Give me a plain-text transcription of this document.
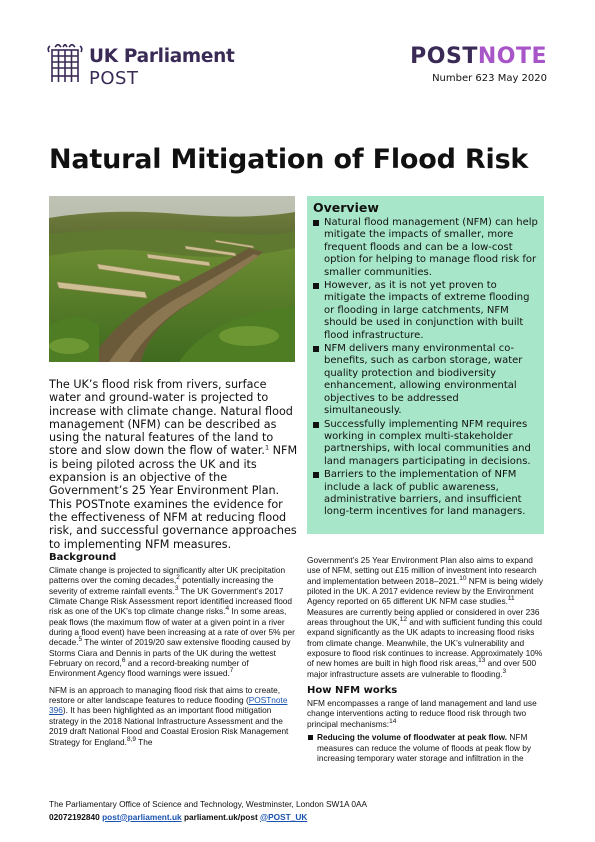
UK Parliament
POST
POSTNOTE
Number 623 May 2020
Natural Mitigation of Flood Risk
Overview
Natural flood management (NFM) can help mitigate the impacts of smaller, more frequent floods and can be a low-cost option for helping to manage flood risk for smaller communities.
However, as it is not yet proven to mitigate the impacts of extreme flooding or flooding in large catchments, NFM should be used in conjunction with built flood infrastructure.
NFM delivers many environmental co-benefits, such as carbon storage, water quality protection and biodiversity enhancement, allowing environmental objectives to be addressed simultaneously.
Successfully implementing NFM requires working in complex multi-stakeholder partnerships, with local communities and land managers participating in decisions.
Barriers to the implementation of NFM include a lack of public awareness, administrative barriers, and insufficient long-term incentives for land managers.
The UK’s flood risk from rivers, surface water and ground-water is projected to increase with climate change. Natural flood management (NFM) can be described as using the natural features of the land to store and slow down the flow of water.$^1$ NFM is being piloted across the UK and its expansion is an objective of the Government’s 25 Year Environment Plan. This POSTnote examines the evidence for the effectiveness of NFM at reducing flood risk, and successful governance approaches to implementing NFM measures.
Background

Climate change is projected to significantly alter UK precipitation patterns over the coming decades,$^2$ potentially increasing the severity of extreme rainfall events.$^3$ The UK Government’s 2017 Climate Change Risk Assessment report identified increased flood risk as one of the UK’s top climate change risks.$^4$ In some areas, peak flows (the maximum flow of water at a given point in a river during a flood event) have been increasing at a rate of over 5% per decade.$^5$ The winter of 2019/20 saw extensive flooding caused by Storms Ciara and Dennis in parts of the UK during the wettest February on record,$^6$ and a record-breaking number of Environment Agency flood warnings were issued.$^7$

NFM is an approach to managing flood risk that aims to create, restore or alter landscape features to reduce flooding (POSTnote 396). It has been highlighted as an important flood mitigation strategy in the 2018 National Infrastructure Assessment and the 2019 draft National Flood and Coastal Erosion Risk Management Strategy for England.$^{8,9}$ The

Government’s 25 Year Environment Plan also aims to expand use of NFM, setting out £15 million of investment into research and implementation between 2018–2021.10 NFM is being widely piloted in the UK. A 2017 evidence review by the Environment Agency reported on 65 different UK NFM case studies.$^{11}$ Measures are currently being applied or considered in over 236 areas throughout the UK,$^{12}$ and with sufficient funding this could expand significantly as the UK adapts to increasing flood risks from climate change. Meanwhile, the UK’s vulnerability and exposure to flood risk continues to increase. Approximately 10% of new homes are built in high flood risk areas,$^{13}$ and over 500 major infrastructure assets are vulnerable to flooding.$^3$

How NFM works

NFM encompasses a range of land management and land use change interventions acting to reduce flood risk through two principal mechanisms:$^{14}$

Reducing the volume of floodwater at peak flow. NFM measures can reduce the volume of floods at peak flow by increasing temporary water storage and infiltration in the
The Parliamentary Office of Science and Technology, Westminster, London SW1A 0AA
02072192840 post@parliament.uk parliament.uk/post @POST_UK
